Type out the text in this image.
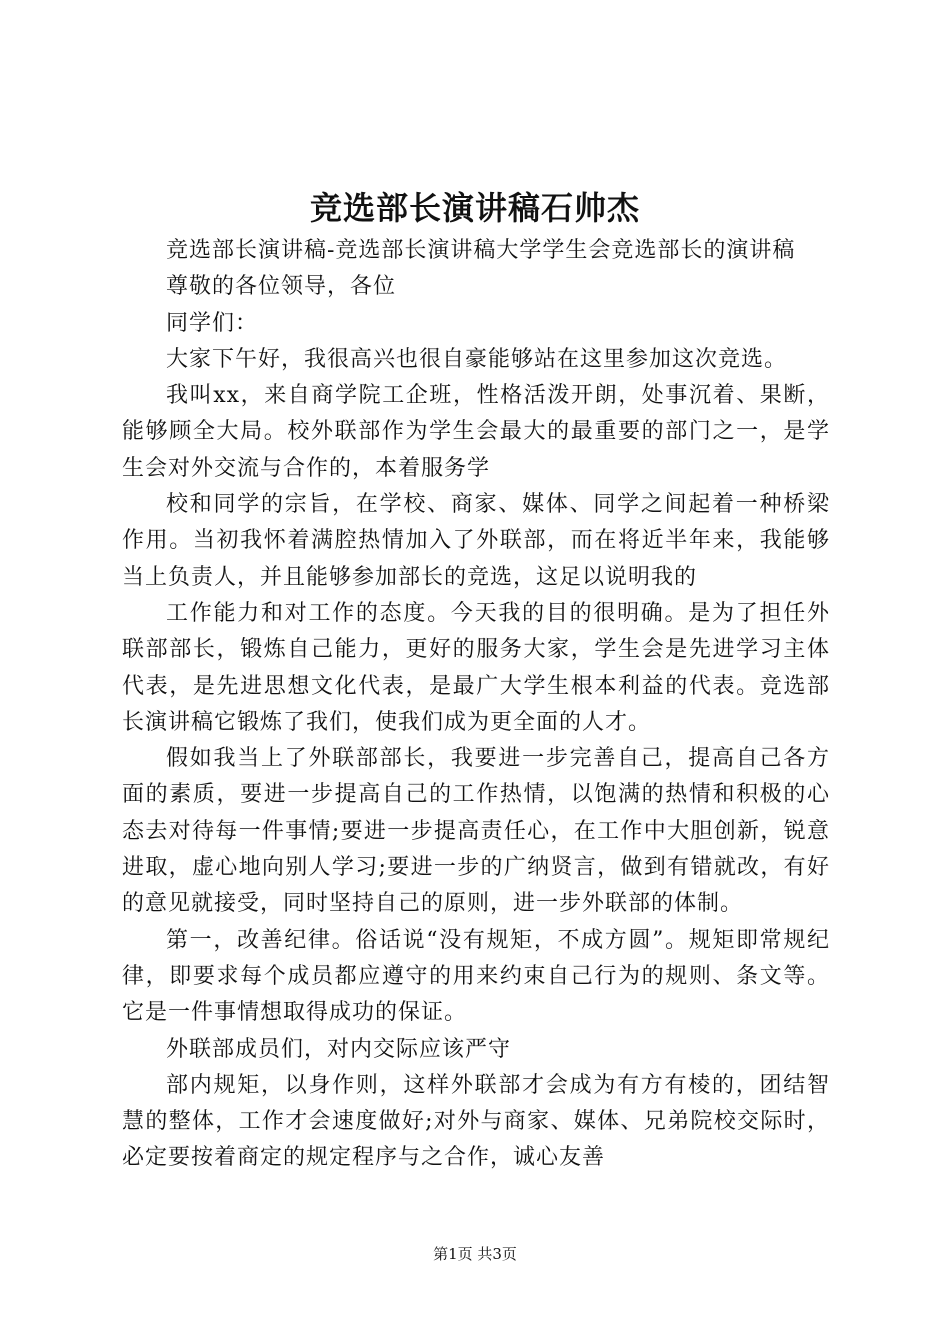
竞选部长演讲稿石帅杰

竞选部长演讲稿-竞选部长演讲稿大学学生会竞选部长的演讲稿

尊敬的各位领导，各位

同学们：

大家下午好，我很高兴也很自豪能够站在这里参加这次竞选。

我叫xx，来自商学院工企班，性格活泼开朗，处事沉着、果断，能够顾全大局。校外联部作为学生会最大的最重要的部门之一，是学生会对外交流与合作的，本着服务学

校和同学的宗旨，在学校、商家、媒体、同学之间起着一种桥梁作用。当初我怀着满腔热情加入了外联部，而在将近半年来，我能够当上负责人，并且能够参加部长的竞选，这足以说明我的

工作能力和对工作的态度。今天我的目的很明确。是为了担任外联部部长，锻炼自己能力，更好的服务大家，学生会是先进学习主体代表，是先进思想文化代表，是最广大学生根本利益的代表。竞选部长演讲稿它锻炼了我们，使我们成为更全面的人才。

假如我当上了外联部部长，我要进一步完善自己，提高自己各方面的素质，要进一步提高自己的工作热情，以饱满的热情和积极的心态去对待每一件事情;要进一步提高责任心，在工作中大胆创新，锐意进取，虚心地向别人学习;要进一步的广纳贤言，做到有错就改，有好的意见就接受，同时坚持自己的原则，进一步外联部的体制。

第一，改善纪律。俗话说“没有规矩，不成方圆”。规矩即常规纪律，即要求每个成员都应遵守的用来约束自己行为的规则、条文等。它是一件事情想取得成功的保证。

外联部成员们，对内交际应该严守

部内规矩，以身作则，这样外联部才会成为有方有棱的，团结智慧的整体，工作才会速度做好;对外与商家、媒体、兄弟院校交际时，必定要按着商定的规定程序与之合作，诚心友善

第1页 共3页
